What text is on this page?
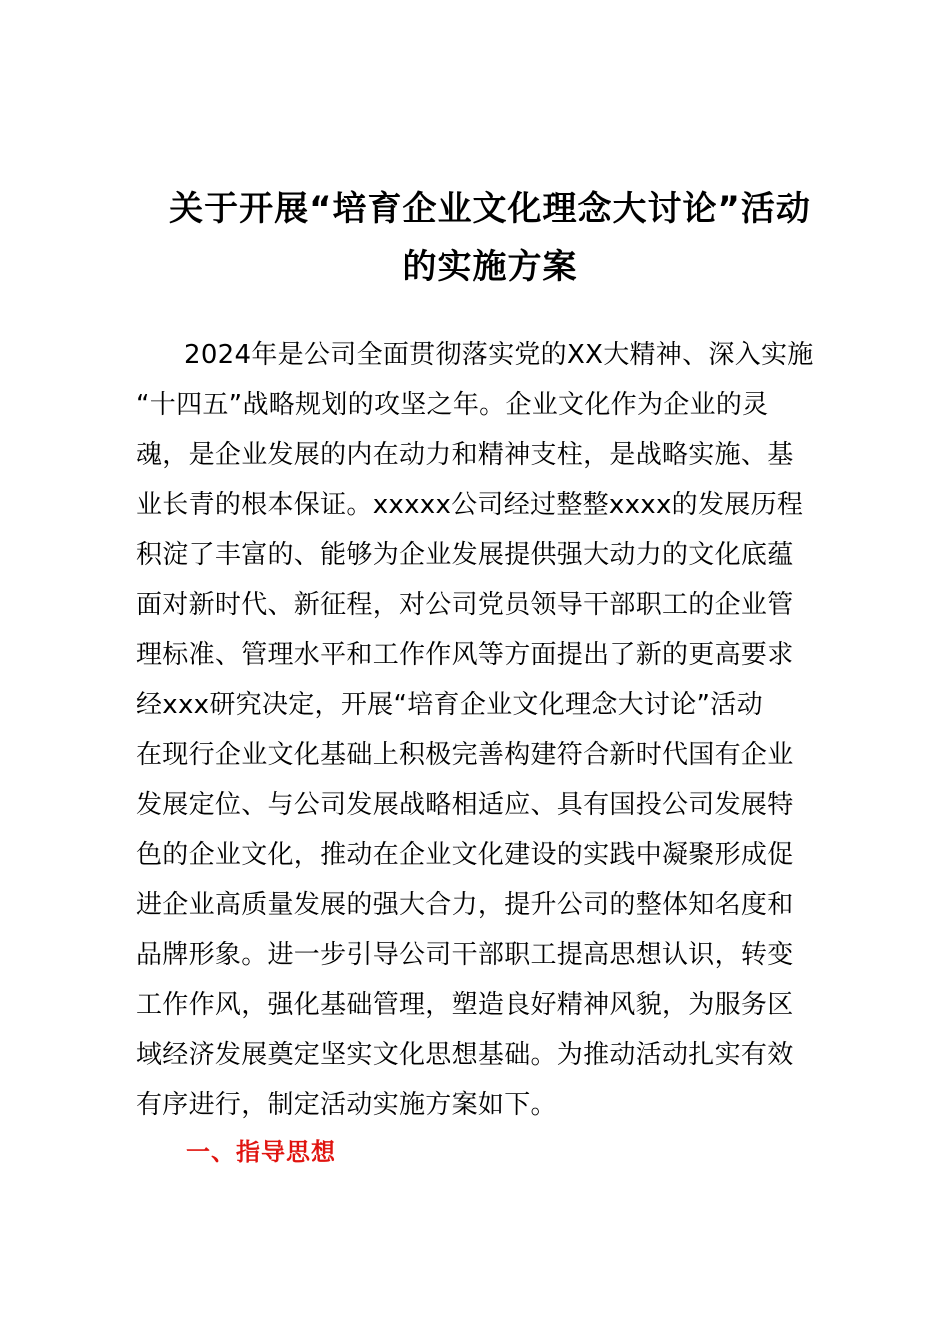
关于开展“培育企业文化理念大讨论”活动
的实施方案
2024年是公司全面贯彻落实党的XX大精神、深入实施
“十四五”战略规划的攻坚之年。企业文化作为企业的灵
魂，是企业发展的内在动力和精神支柱，是战略实施、基
业长青的根本保证。xxxxx公司经过整整xxxx的发展历程
积淀了丰富的、能够为企业发展提供强大动力的文化底蕴
面对新时代、新征程，对公司党员领导干部职工的企业管
理标准、管理水平和工作作风等方面提出了新的更高要求
经xxx研究决定，开展“培育企业文化理念大讨论”活动
在现行企业文化基础上积极完善构建符合新时代国有企业
发展定位、与公司发展战略相适应、具有国投公司发展特
色的企业文化，推动在企业文化建设的实践中凝聚形成促
进企业高质量发展的强大合力，提升公司的整体知名度和
品牌形象。进一步引导公司干部职工提高思想认识，转变
工作作风，强化基础管理，塑造良好精神风貌，为服务区
域经济发展奠定坚实文化思想基础。为推动活动扎实有效
有序进行，制定活动实施方案如下。
一、指导思想
